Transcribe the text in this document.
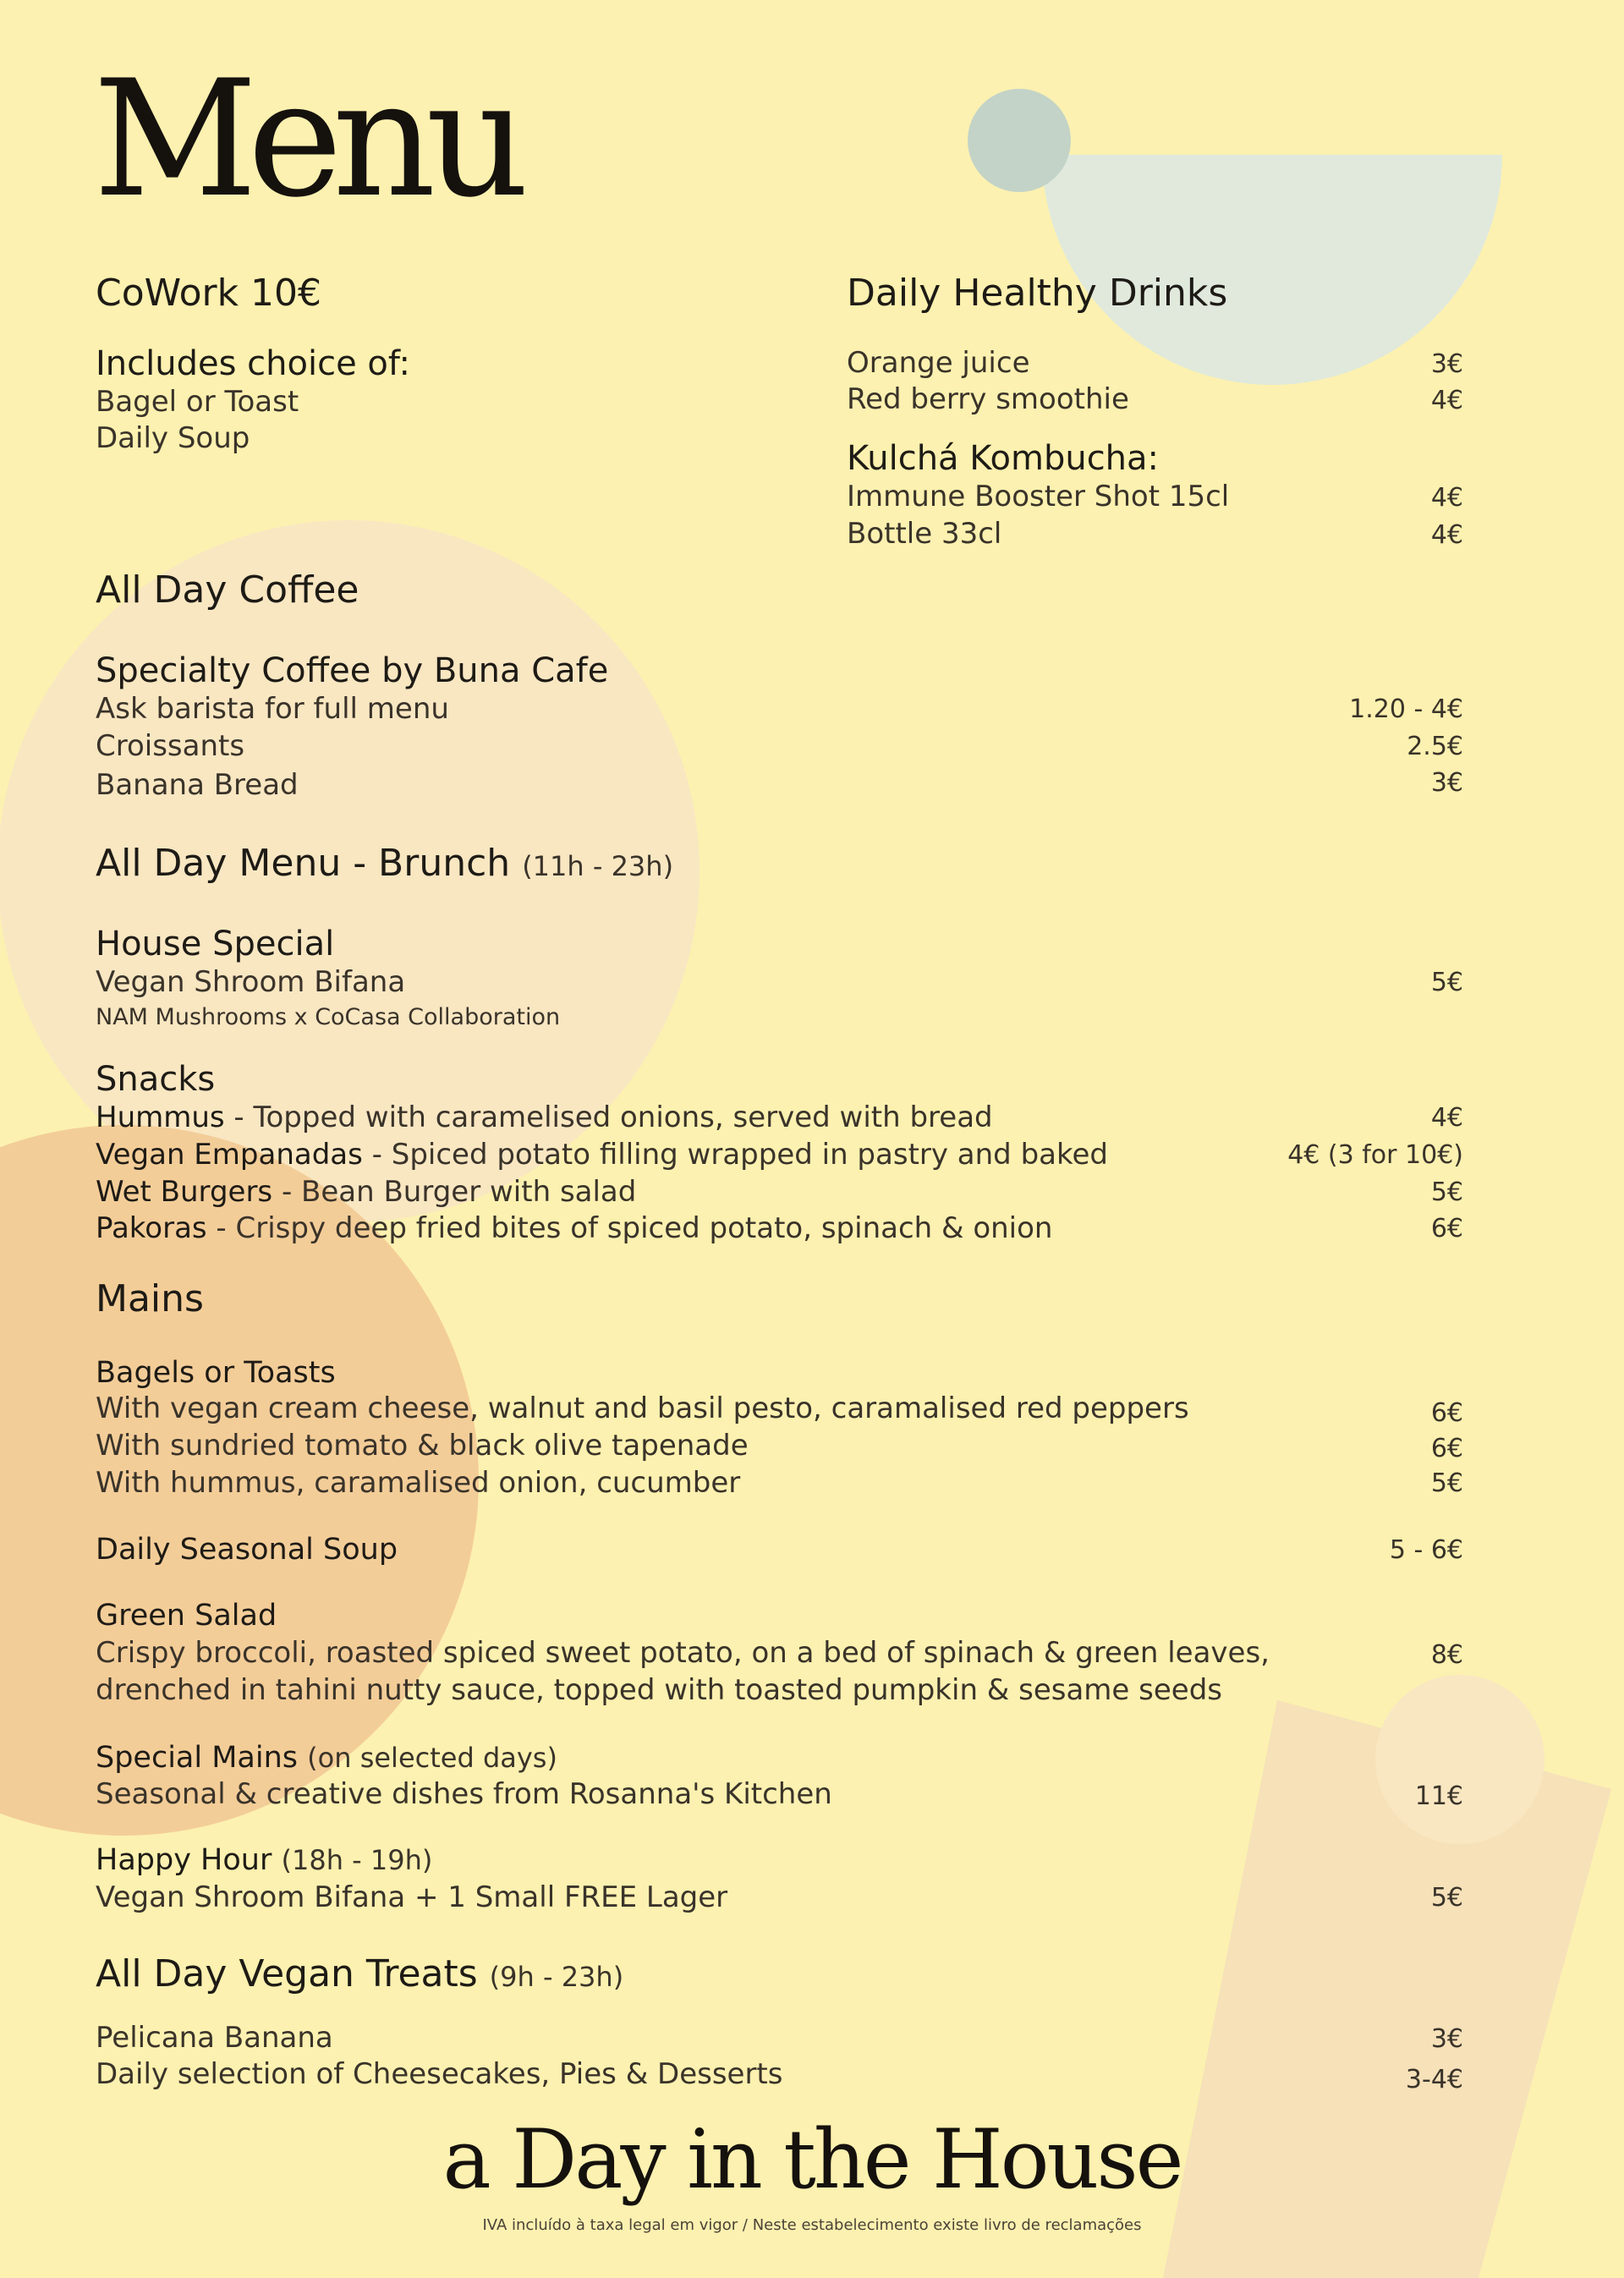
Menu
CoWork 10€
Includes choice of:
Bagel or Toast
Daily Soup
Daily Healthy Drinks
Orange juice	3€
Red berry smoothie	4€
Kulchá Kombucha:
Immune Booster Shot 15cl	4€
Bottle 33cl	4€
All Day Coffee
Specialty Coffee by Buna Cafe
Ask barista for full menu	1.20 - 4€
Croissants	2.5€
Banana Bread	3€
All Day Menu - Brunch (11h - 23h)
House Special
Vegan Shroom Bifana	5€
NAM Mushrooms x CoCasa Collaboration
Snacks
Hummus - Topped with caramelised onions, served with bread	4€
Vegan Empanadas - Spiced potato filling wrapped in pastry and baked	4€ (3 for 10€)
Wet Burgers - Bean Burger with salad	5€
Pakoras - Crispy deep fried bites of spiced potato, spinach & onion	6€
Mains
Bagels or Toasts
With vegan cream cheese, walnut and basil pesto, caramalised red peppers	6€
With sundried tomato & black olive tapenade	6€
With hummus, caramalised onion, cucumber	5€
Daily Seasonal Soup	5 - 6€
Green Salad
Crispy broccoli, roasted spiced sweet potato, on a bed of spinach & green leaves,	8€
drenched in tahini nutty sauce, topped with toasted pumpkin & sesame seeds
Special Mains (on selected days)
Seasonal & creative dishes from Rosanna's Kitchen	11€
Happy Hour (18h - 19h)
Vegan Shroom Bifana + 1 Small FREE Lager	5€
All Day Vegan Treats (9h - 23h)
Pelicana Banana	3€
Daily selection of Cheesecakes, Pies & Desserts	3-4€
a Day in the House
IVA incluído à taxa legal em vigor / Neste estabelecimento existe livro de reclamações
